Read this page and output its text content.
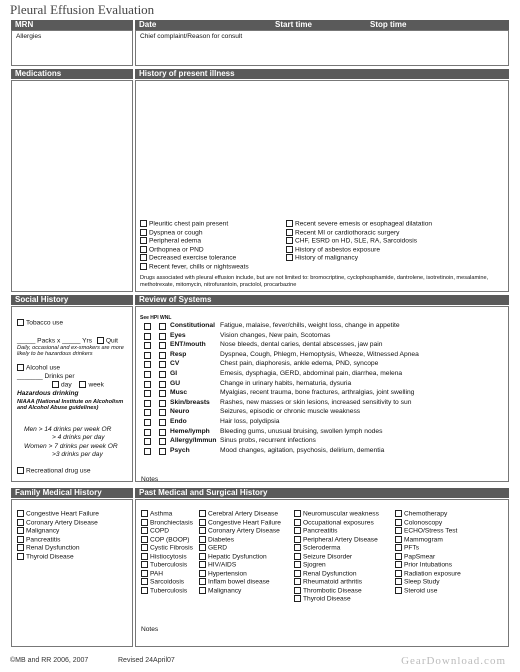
Pleural Effusion Evaluation
MRN	Date	Start time	Stop time
Allergies	Chief complaint/Reason for consult
Medications	History of present illness
Pleuritic chest pain present
Dyspnea or cough
Peripheral edema
Orthopnea or PND
Decreased exercise tolerance
Recent fever, chills or nightsweats
Recent severe emesis or esophageal dilatation
Recent MI or cardiothoracic surgery
CHF, ESRD on HD, SLE, RA, Sarcoidosis
History of asbestos exposure
History of malignancy
Drugs associated with pleural effusion include, but are not limited to: bromocriptine, cyclophosphamide, dantrolene, isotretinoin, mesalamine, methotrexate, mitomycin, nitrofurantoin, practolol, procarbazine
Social History	Review of Systems
Tobacco use
_____ Packs x _____ Yrs Quit
Daily, occasional and ex-smokers are more likely to be hazardous drinkers
Alcohol use
_______ Drinks per
day	week
Hazardous drinking
NIAAA (National Institute on Alcoholism and Alcohol Abuse guidelines)
Men > 14 drinks per week OR
> 4 drinks per day
Women > 7 drinks per week OR
>3 drinks per day
Recreational drug use
See HPI WNL
Constitutional Fatigue, malaise, fever/chills, weight loss, change in appetite
Eyes	Vision changes, New pain, Scotomas
ENT/mouth Nose bleeds, dental caries, dental abscesses, jaw pain
Resp	Dyspnea, Cough, Phlegm, Hemoptysis, Wheeze, Witnessed Apnea
CV	Chest pain, diaphoresis, ankle edema, PND, syncope
GI	Emesis, dysphagia, GERD, abdominal pain, diarrhea, melena
GU	Change in urinary habits, hematuria, dysuria
Musc	Myalgias, recent trauma, bone fractures, arthralgias, joint swelling
Skin/breasts Rashes, new masses or skin lesions, increased sensitivity to sun
Neuro	Seizures, episodic or chronic muscle weakness
Endo	Hair loss, polydipsia
Heme/lymph Bleeding gums, unusual bruising, swollen lymph nodes
Allergy/Immun Sinus probs, recurrent infections
Psych	Mood changes, agitation, psychosis, delirium, dementia
Notes
Family Medical History	Past Medical and Surgical History
Congestive Heart Failure
Coronary Artery Disease
Malignancy
Pancreatitis
Renal Dysfunction
Thyroid Disease
Asthma
Bronchiectasis
COPD
COP (BOOP)
Cystic Fibrosis
Histiocytosis
Tuberculosis
PAH
Sarcoidosis
Tuberculosis
Cerebral Artery Disease
Congestive Heart Failure
Coronary Artery Disease
Diabetes
GERD
Hepatic Dysfunction
HIV/AIDS
Hypertension
Inflam bowel disease
Malignancy
Neuromuscular weakness
Occupational exposures
Pancreatitis
Peripheral Artery Disease
Scleroderma
Seizure Disorder
Sjogren
Renal Dysfunction
Rheumatoid arthritis
Thrombotic Disease
Thyroid Disease
Chemotherapy
Colonoscopy
ECHO/Stress Test
Mammogram
PFTs
PapSmear
Prior Intubations
Radiation exposure
Sleep Study
Steroid use
Notes
©MB and RR 2006, 2007	Revised 24April07	GearDownload.com
